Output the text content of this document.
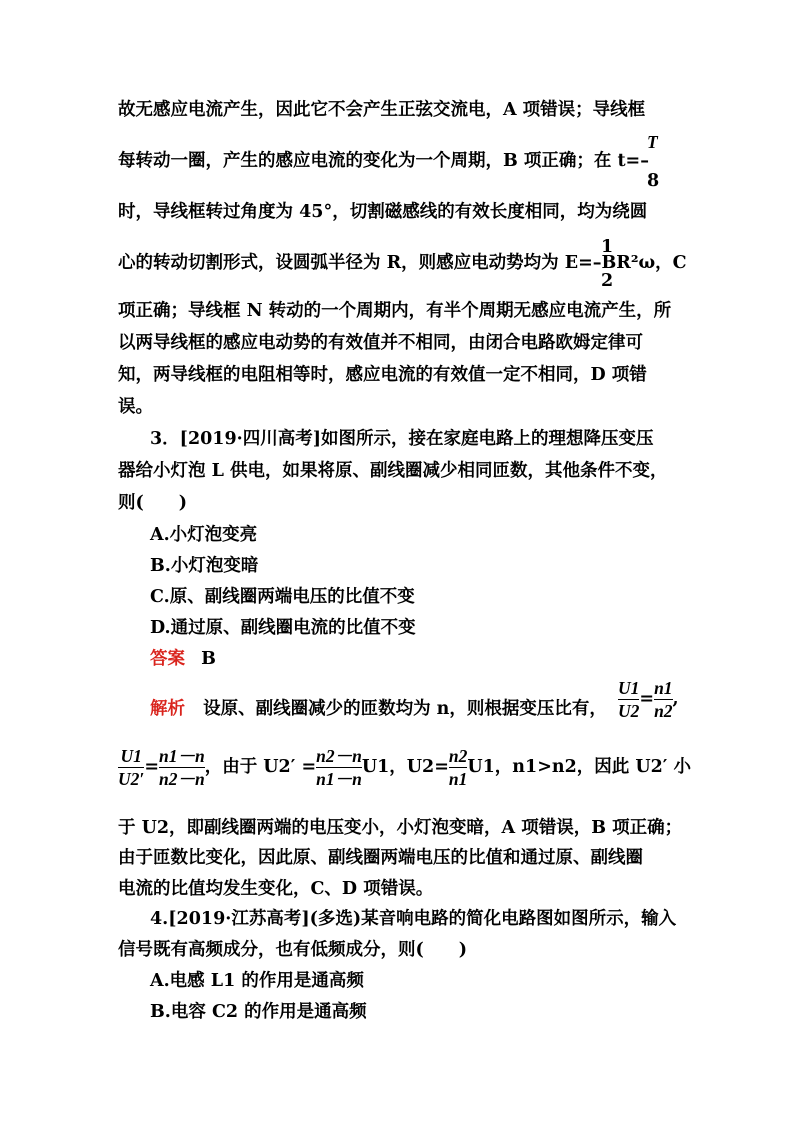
故无感应电流产生，因此它不会产生正弦交流电，A 项错误；导线框
T
每转动一圈，产生的感应电流的变化为一个周期，B 项正确；在 t=–
8
时，导线框转过角度为 45°，切割磁感线的有效长度相同，均为绕圆
1
心的转动切割形式，设圆弧半径为 R，则感应电动势均为 E=–BR²ω，C
2
项正确；导线框 N 转动的一个周期内，有半个周期无感应电流产生，所
以两导线框的感应电动势的有效值并不相同，由闭合电路欧姆定律可
知，两导线框的电阻相等时，感应电流的有效值一定不相同，D 项错
误。
3．[2019·四川高考]如图所示，接在家庭电路上的理想降压变压
器给小灯泡 L 供电，如果将原、副线圈减少相同匝数，其他条件不变，
则(　　)
A.小灯泡变亮
B.小灯泡变暗
C.原、副线圈两端电压的比值不变
D.通过原、副线圈电流的比值不变
答案 B
解析 设原、副线圈减少的匝数均为 n，则根据变压比有， $\frac{U1}{U2} = \frac{n1}{n2}$ ,
$\frac{U1}{U2'} = \frac{n1-n}{n2-n}$ ，由于 $U2' = \frac{n2-n}{n1-n} U1$，$U2= \frac{n2}{n1} U1$，n1>n2，因此 U2′ 小
于 U2，即副线圈两端的电压变小，小灯泡变暗，A 项错误，B 项正确；
由于匝数比变化，因此原、副线圈两端电压的比值和通过原、副线圈
电流的比值均发生变化，C、D 项错误。
4.[2019·江苏高考](多选)某音响电路的简化电路图如图所示，输入
信号既有高频成分，也有低频成分，则(　　)
A.电感 L1 的作用是通高频
B.电容 C2 的作用是通高频
